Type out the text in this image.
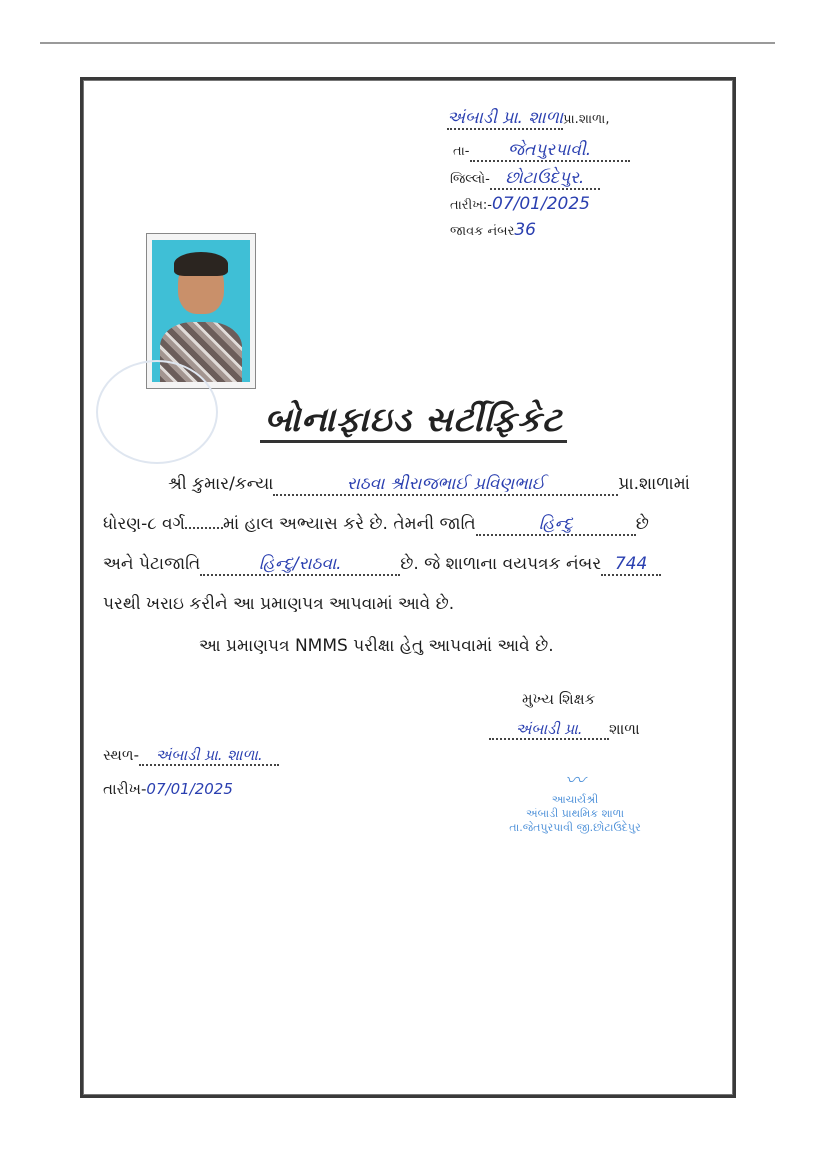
અંબાડી પ્રા. શાળાપ્રા.શાળા,
તા- જેતપુરપાવી.
જિલ્લો- છોટાઉદેપુર.
તારીખ:-07/01/2025
જાવક નંબર36
બોનાફાઇડ સર્ટીફિકેટ
શ્રી કુમાર/કન્યા	રાઠવા શ્રીરાજભાઈ પ્રવિણભાઈ	પ્રા.શાળામાં
ધોરણ-૮ વર્ગ માં હાલ અભ્યાસ કરે છે. તેમની જાતિ	હિન્દુ	છે
અને પેટાજાતિ	હિન્દુ/રાઠવા.	છે. જે શાળાના વયપત્રક નંબર 744
પરથી ખરાઇ કરીને આ પ્રમાણપત્ર આપવામાં આવે છે.
આ પ્રમાણપત્ર NMMS પરીક્ષા હેતુ આપવામાં આવે છે.
મુખ્ય શિક્ષક
અંબાડી પ્રા. શાળા
સ્થળ- અંબાડી પ્રા. શાળા.
તારીખ-07/01/2025	〰
આચાર્યશ્રી
અંબાડી પ્રાથમિક શાળા
તા.જેતપુરપાવી જી.છોટાઉદેપુર
